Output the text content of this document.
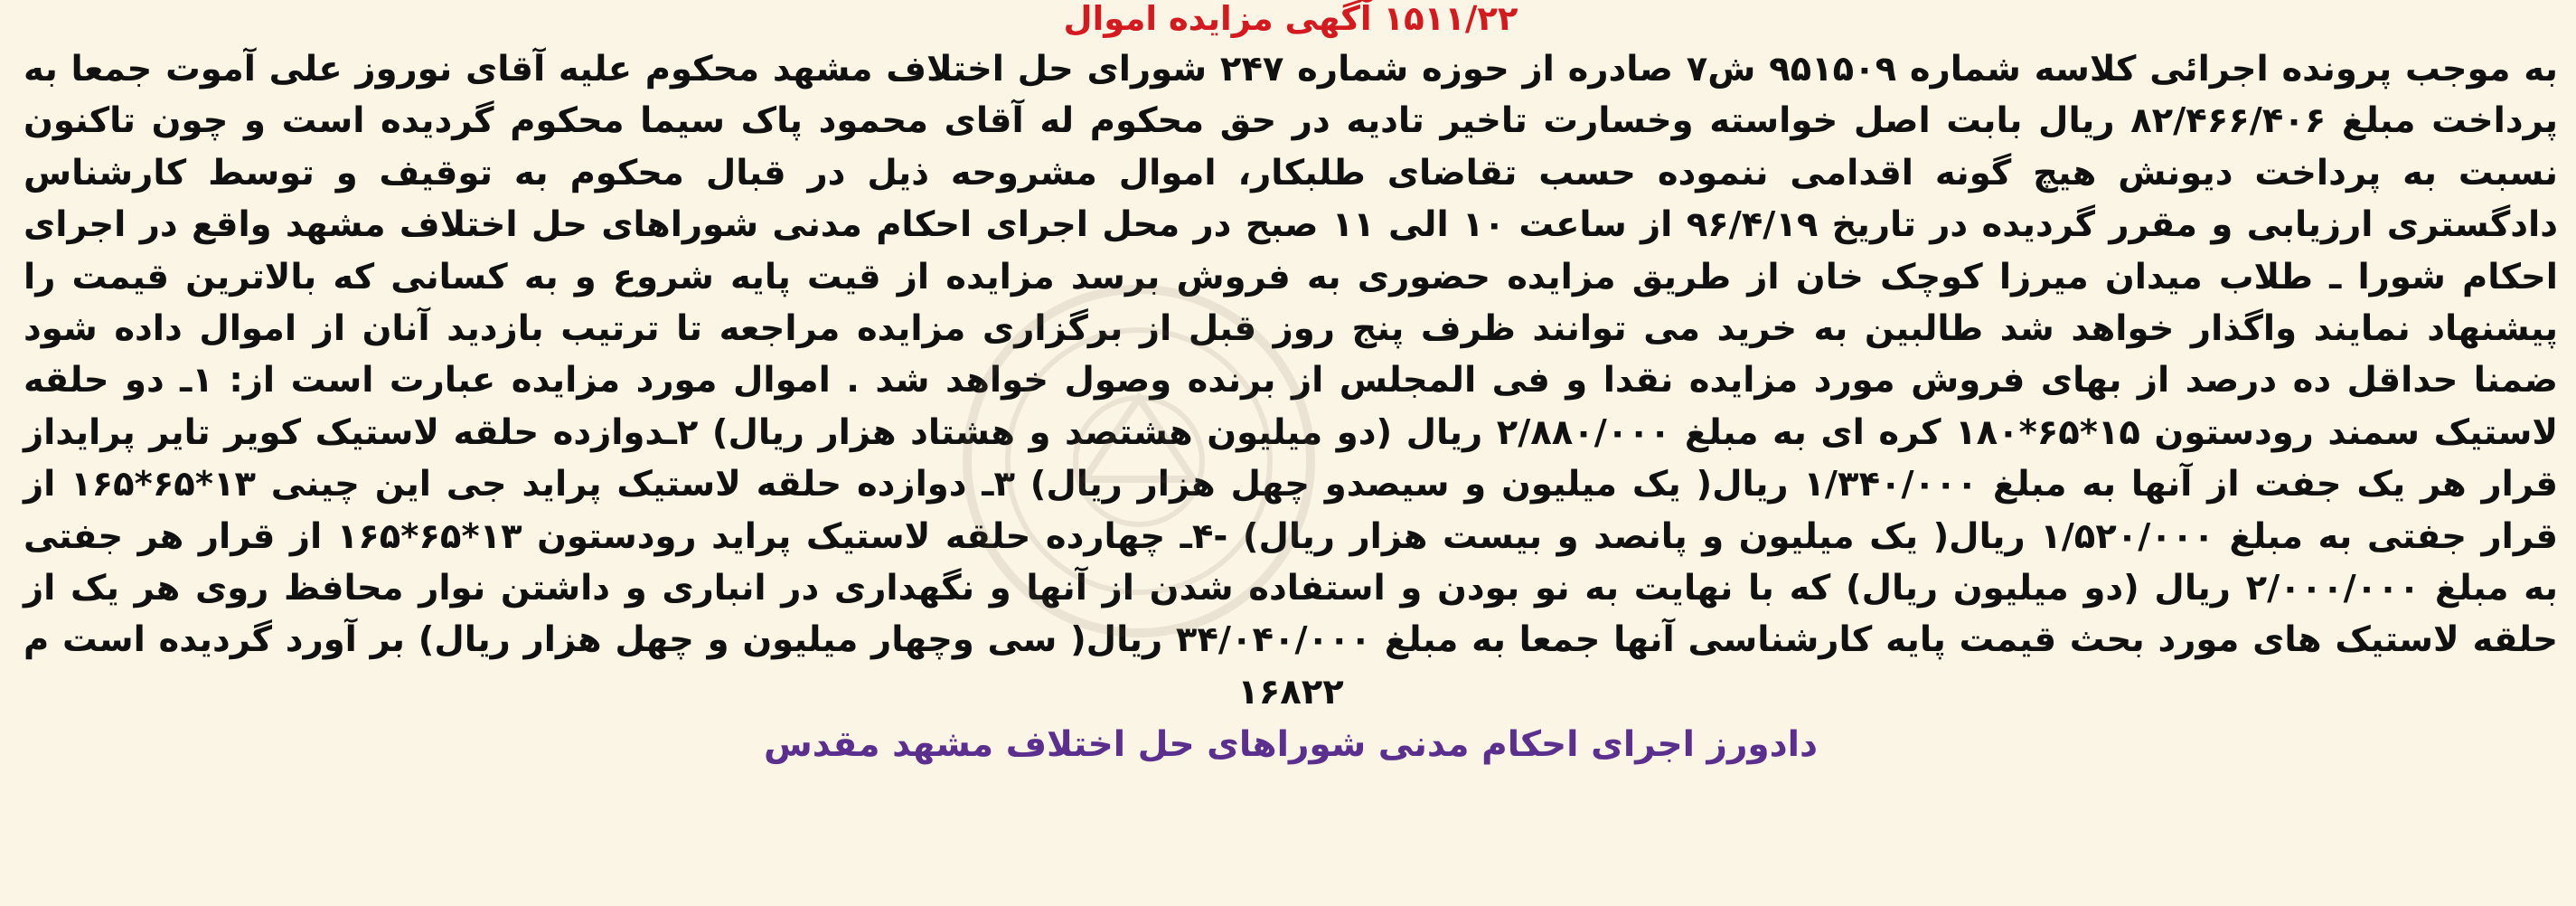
۱۵۱۱/۲۲ آگهی مزایده اموال

به موجب پرونده اجرائی کلاسه شماره ۹۵۱۵۰۹ ش۷ صادره از حوزه شماره ۲۴۷ شورای حل اختلاف مشهد محکوم علیه آقای نوروز علی آموت جمعا به پرداخت مبلغ ۸۲/۴۶۶/۴۰۶ ریال بابت اصل خواسته وخسارت تاخیر تادیه در حق محکوم له آقای محمود پاک سیما محکوم گردیده است و چون تاکنون نسبت به پرداخت دیونش هیچ گونه اقدامی ننموده حسب تقاضای طلبکار، اموال مشروحه ذیل در قبال محکوم به توقیف و توسط کارشناس دادگستری ارزیابی و مقرر گردیده در تاریخ ۹۶/۴/۱۹ از ساعت ۱۰ الی ۱۱ صبح در محل اجرای احکام مدنی شوراهای حل اختلاف مشهد واقع در اجرای احکام شورا ـ طلاب میدان میرزا کوچک خان از طریق مزایده حضوری به فروش برسد مزایده از قیت پایه شروع و به کسانی که بالاترین قیمت را پیشنهاد نمایند واگذار خواهد شد طالبین به خرید می توانند ظرف پنج روز قبل از برگزاری مزایده مراجعه تا ترتیب بازدید آنان از اموال داده شود ضمنا حداقل ده درصد از بهای فروش مورد مزایده نقدا و فی المجلس از برنده وصول خواهد شد . اموال مورد مزایده عبارت است از: ۱ـ دو حلقه لاستیک سمند رودستون ۱۵*۶۵*۱۸۰ کره ای به مبلغ ۲/۸۸۰/۰۰۰ ریال (دو میلیون هشتصد و هشتاد هزار ریال) ۲ـدوازده حلقه لاستیک کویر تایر پرایداز قرار هر یک جفت از آنها به مبلغ ۱/۳۴۰/۰۰۰ ریال( یک میلیون و سیصدو چهل هزار ریال) ۳ـ دوازده حلقه لاستیک پراید جی این چینی ۱۳*۶۵*۱۶۵ از قرار جفتی به مبلغ ۱/۵۲۰/۰۰۰ ریال( یک میلیون و پانصد و بیست هزار ریال) -۴ـ چهارده حلقه لاستیک پراید رودستون ۱۳*۶۵*۱۶۵ از قرار هر جفتی به مبلغ ۲/۰۰۰/۰۰۰ ریال (دو میلیون ریال) که با نهایت به نو بودن و استفاده شدن از آنها و نگهداری در انباری و داشتن نوار محافظ روی هر یک از حلقه لاستیک های مورد بحث قیمت پایه کارشناسی آنها جمعا به مبلغ ۳۴/۰۴۰/۰۰۰ ریال( سی وچهار میلیون و چهل هزار ریال) بر آورد گردیده است م ۱۶۸۲۲

دادورز اجرای احکام مدنی شوراهای حل اختلاف مشهد مقدس
